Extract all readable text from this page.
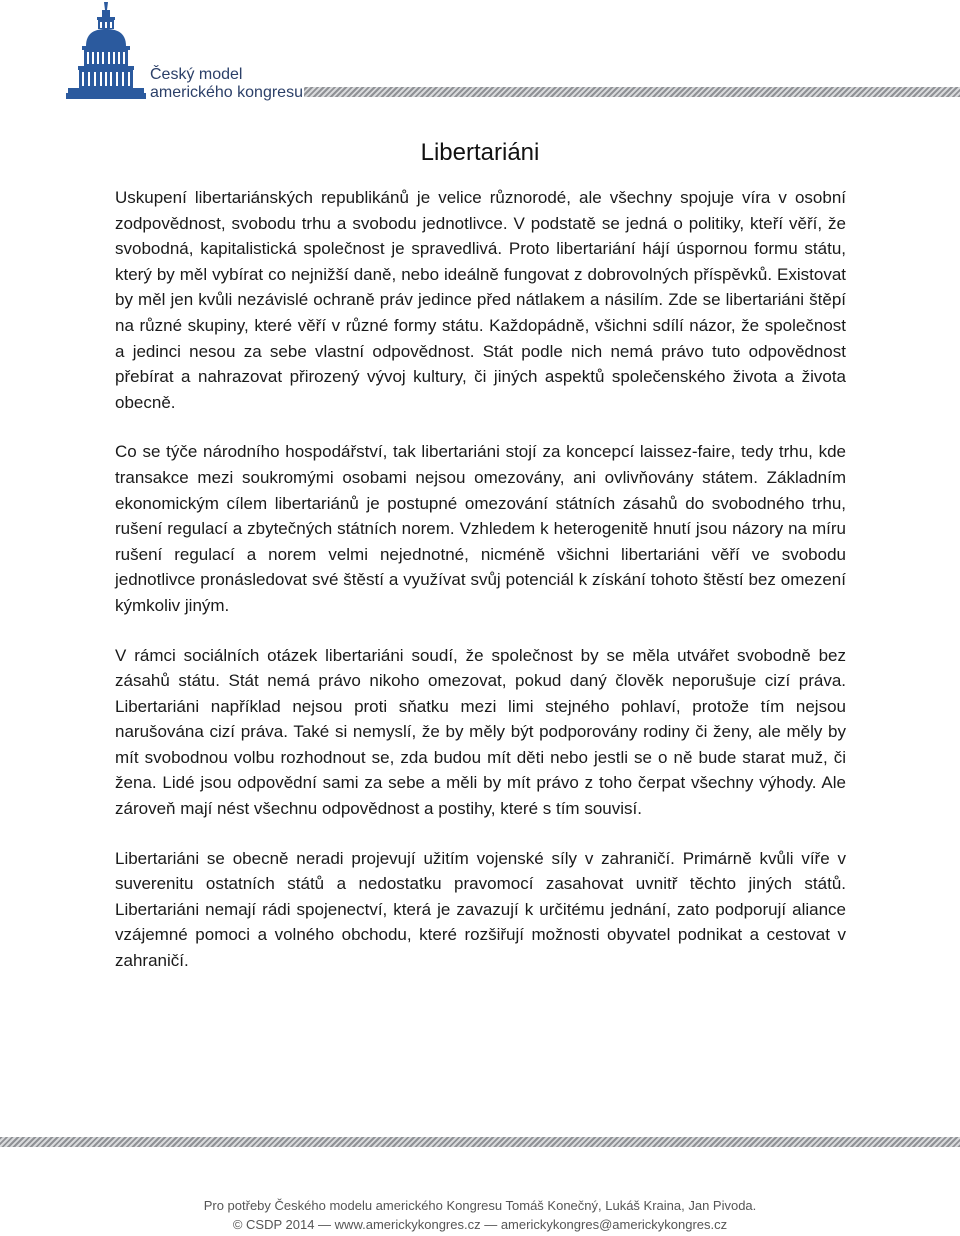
Český model
amerického kongresu
Libertariáni

Uskupení libertariánských republikánů je velice různorodé, ale všechny spojuje víra v osobní zodpovědnost, svobodu trhu a svobodu jednotlivce. V podstatě se jedná o politiky, kteří věří, že svobodná, kapitalistická společnost je spravedlivá. Proto libertariání hájí úspornou formu státu, který by měl vybírat co nejnižší daně, nebo ideálně fungovat z dobrovolných příspěvků. Existovat by měl jen kvůli nezávislé ochraně práv jedince před nátlakem a násilím. Zde se libertariáni štěpí na různé skupiny, které věří v různé formy státu. Každopádně, všichni sdílí názor, že společnost a jedinci nesou za sebe vlastní odpovědnost. Stát podle nich nemá právo tuto odpovědnost přebírat a nahrazovat přirozený vývoj kultury, či jiných aspektů společenského života a života obecně.

Co se týče národního hospodářství, tak libertariáni stojí za koncepcí laissez-faire, tedy trhu, kde transakce mezi soukromými osobami nejsou omezovány, ani ovlivňovány státem. Základním ekonomickým cílem libertariánů je postupné omezování státních zásahů do svobodného trhu, rušení regulací a zbytečných státních norem. Vzhledem k heterogenitě hnutí jsou názory na míru rušení regulací a norem velmi nejednotné, nicméně všichni libertariáni věří ve svobodu jednotlivce pronásledovat své štěstí a využívat svůj potenciál k získání tohoto štěstí bez omezení kýmkoliv jiným.

V rámci sociálních otázek libertariáni soudí, že společnost by se měla utvářet svobodně bez zásahů státu. Stát nemá právo nikoho omezovat, pokud daný člověk neporušuje cizí práva. Libertariáni například nejsou proti sňatku mezi limi stejného pohlaví, protože tím nejsou narušována cizí práva. Také si nemyslí, že by měly být podporovány rodiny či ženy, ale měly by mít svobodnou volbu rozhodnout se, zda budou mít děti nebo jestli se o ně bude starat muž, či žena. Lidé jsou odpovědní sami za sebe a měli by mít právo z toho čerpat všechny výhody. Ale zároveň mají nést všechnu odpovědnost a postihy, které s tím souvisí.

Libertariáni se obecně neradi projevují užitím vojenské síly v zahraničí. Primárně kvůli víře v suverenitu ostatních států a nedostatku pravomocí zasahovat uvnitř těchto jiných států. Libertariáni nemají rádi spojenectví, která je zavazují k určitému jednání, zato podporují aliance vzájemné pomoci a volného obchodu, které rozšiřují možnosti obyvatel podnikat a cestovat v zahraničí.

Pro potřeby Českého modelu amerického Kongresu Tomáš Konečný, Lukáš Kraina, Jan Pivoda.
© CSDP 2014 — www.americkykongres.cz — americkykongres@americkykongres.cz
